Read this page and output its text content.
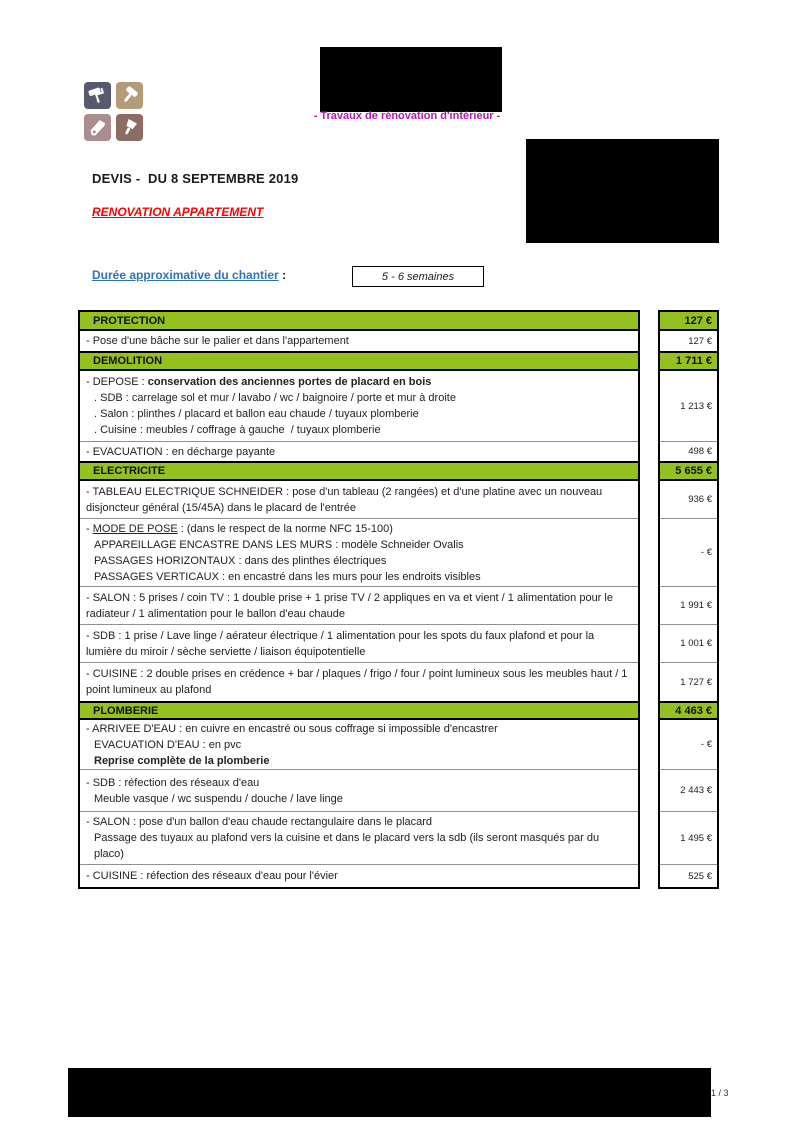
- Travaux de rénovation d'intérieur -
DEVIS -  DU 8 SEPTEMBRE 2019
RENOVATION APPARTEMENT
Durée approximative du chantier :	5 - 6 semaines
PROTECTION
- Pose d'une bâche sur le palier et dans l'appartement
DEMOLITION
- DEPOSE : conservation des anciennes portes de placard en bois
. SDB : carrelage sol et mur / lavabo / wc / baignoire / porte et mur à droite
. Salon : plinthes / placard et ballon eau chaude / tuyaux plomberie
. Cuisine : meubles / coffrage à gauche  / tuyaux plomberie
- EVACUATION : en décharge payante
ELECTRICITE
- TABLEAU ELECTRIQUE SCHNEIDER : pose d'un tableau (2 rangées) et d'une platine avec un nouveau disjoncteur général (15/45A) dans le placard de l'entrée
- MODE DE POSE : (dans le respect de la norme NFC 15-100)
APPAREILLAGE ENCASTRE DANS LES MURS : modèle Schneider Ovalis
PASSAGES HORIZONTAUX : dans des plinthes électriques
PASSAGES VERTICAUX : en encastré dans les murs pour les endroits visibles
- SALON : 5 prises / coin TV : 1 double prise + 1 prise TV / 2 appliques en va et vient / 1 alimentation pour le radiateur / 1 alimentation pour le ballon d'eau chaude
- SDB : 1 prise / Lave linge / aérateur électrique / 1 alimentation pour les spots du faux plafond et pour la lumière du miroir / sèche serviette / liaison équipotentielle
- CUISINE : 2 double prises en crédence + bar / plaques / frigo / four / point lumineux sous les meubles haut / 1 point lumineux au plafond
PLOMBERIE
- ARRIVEE D'EAU : en cuivre en encastré ou sous coffrage si impossible d'encastrer
EVACUATION D'EAU : en pvc
Reprise complète de la plomberie
- SDB : réfection des réseaux d'eau
Meuble vasque / wc suspendu / douche / lave linge
- SALON : pose d'un ballon d'eau chaude rectangulaire dans le placard
Passage des tuyaux au plafond vers la cuisine et dans le placard vers la sdb (ils seront masqués par du placo)
- CUISINE : réfection des réseaux d'eau pour l'évier
127 €
127 €
1 711 €
1 213 €
498 €
5 655 €
936 €
- €
1 991 €
1 001 €
1 727 €
4 463 €
- €
2 443 €
1 495 €
525 €
1 / 3
